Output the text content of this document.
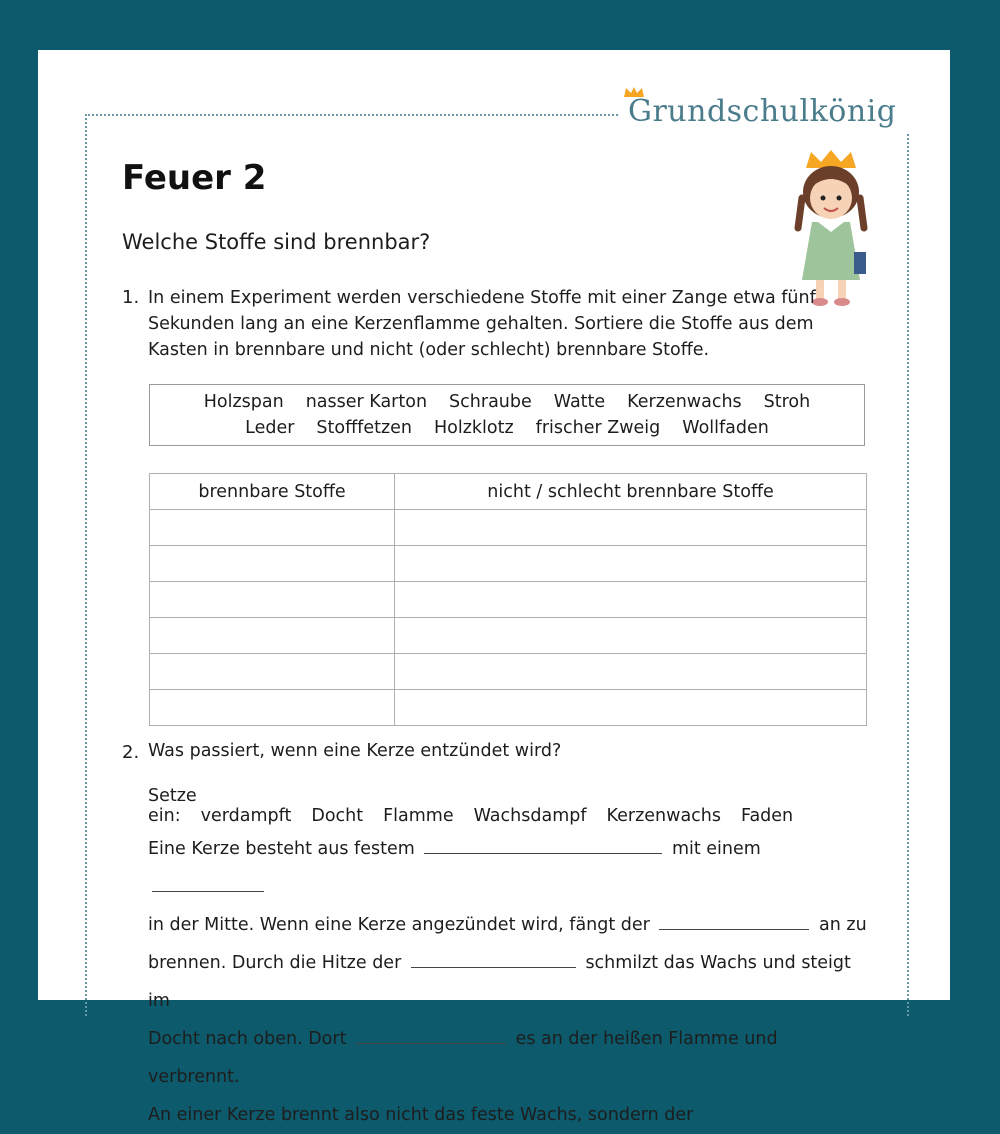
Grundschulkönig
Feuer 2
Welche Stoffe sind brennbar?
1. In einem Experiment werden verschiedene Stoffe mit einer Zange etwa fünf Sekunden lang an eine Kerzenflamme gehalten. Sortiere die Stoffe aus dem Kasten in brennbare und nicht (oder schlecht) brennbare Stoffe.
Holzspan nasser Karton Schraube Watte Kerzenwachs Stroh
Leder Stofffetzen Holzklotz frischer Zweig Wollfaden
brennbare Stoffe	nicht / schlecht brennbare Stoffe

2. Was passiert, wenn eine Kerze entzündet wird?
Setze ein: verdampft Docht Flamme Wachsdampf Kerzenwachs Faden
Eine Kerze besteht aus festem	mit einem
in der Mitte. Wenn eine Kerze angezündet wird, fängt der	an zu
brennen. Durch die Hitze der	schmilzt das Wachs und steigt im
Docht nach oben. Dort	es an der heißen Flamme und verbrennt.
An einer Kerze brennt also nicht das feste Wachs, sondern der
